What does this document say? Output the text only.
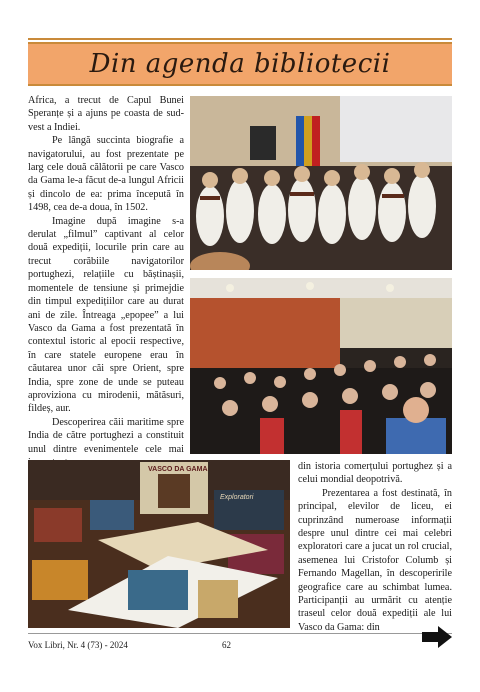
Din agenda bibliotecii

Africa, a trecut de Capul Bunei Speranțe și a ajuns pe coasta de sud-vest a Indiei.

Pe lângă succinta biografie a navigatorului, au fost prezentate pe larg cele două călătorii pe care Vasco da Gama le-a făcut de-a lungul Africii și dincolo de ea: prima începută în 1498, cea de-a doua, în 1502.

Imagine după imagine s-a derulat „filmul” captivant al celor două expediții, locurile prin care au trecut corăbiile navigatorilor portughezi, relațiile cu băștinașii, momentele de tensiune și primejdie din timpul expedițiilor care au durat ani de zile. Întreaga „epopee” a lui Vasco da Gama a fost prezentată în contextul istoric al epocii respective, în care statele europene erau în căutarea unor căi spre Orient, spre India, spre zone de unde se puteau aproviziona cu mirodenii, mătăsuri, fildeș, aur.

Descoperirea căii maritime spre India de către portughezi a constituit unul dintre evenimentele cele mai

VASCO DA GAMA
Exploratori

din istoria comerțului portughez și a celui mondial deopotrivă.

Prezentarea a fost destinată, în principal, elevilor de liceu, ei cuprinzând numeroase informații despre unul dintre cei mai celebri exploratori care a jucat un rol crucial, asemenea lui Cristofor Columb și Fernando Magellan, în descoperirile geografice care au schimbat lumea. Participanții au urmărit cu atenție traseul celor două expediții ale lui Vasco da Gama: din

Vox Libri, Nr. 4 (73) - 2024	62
